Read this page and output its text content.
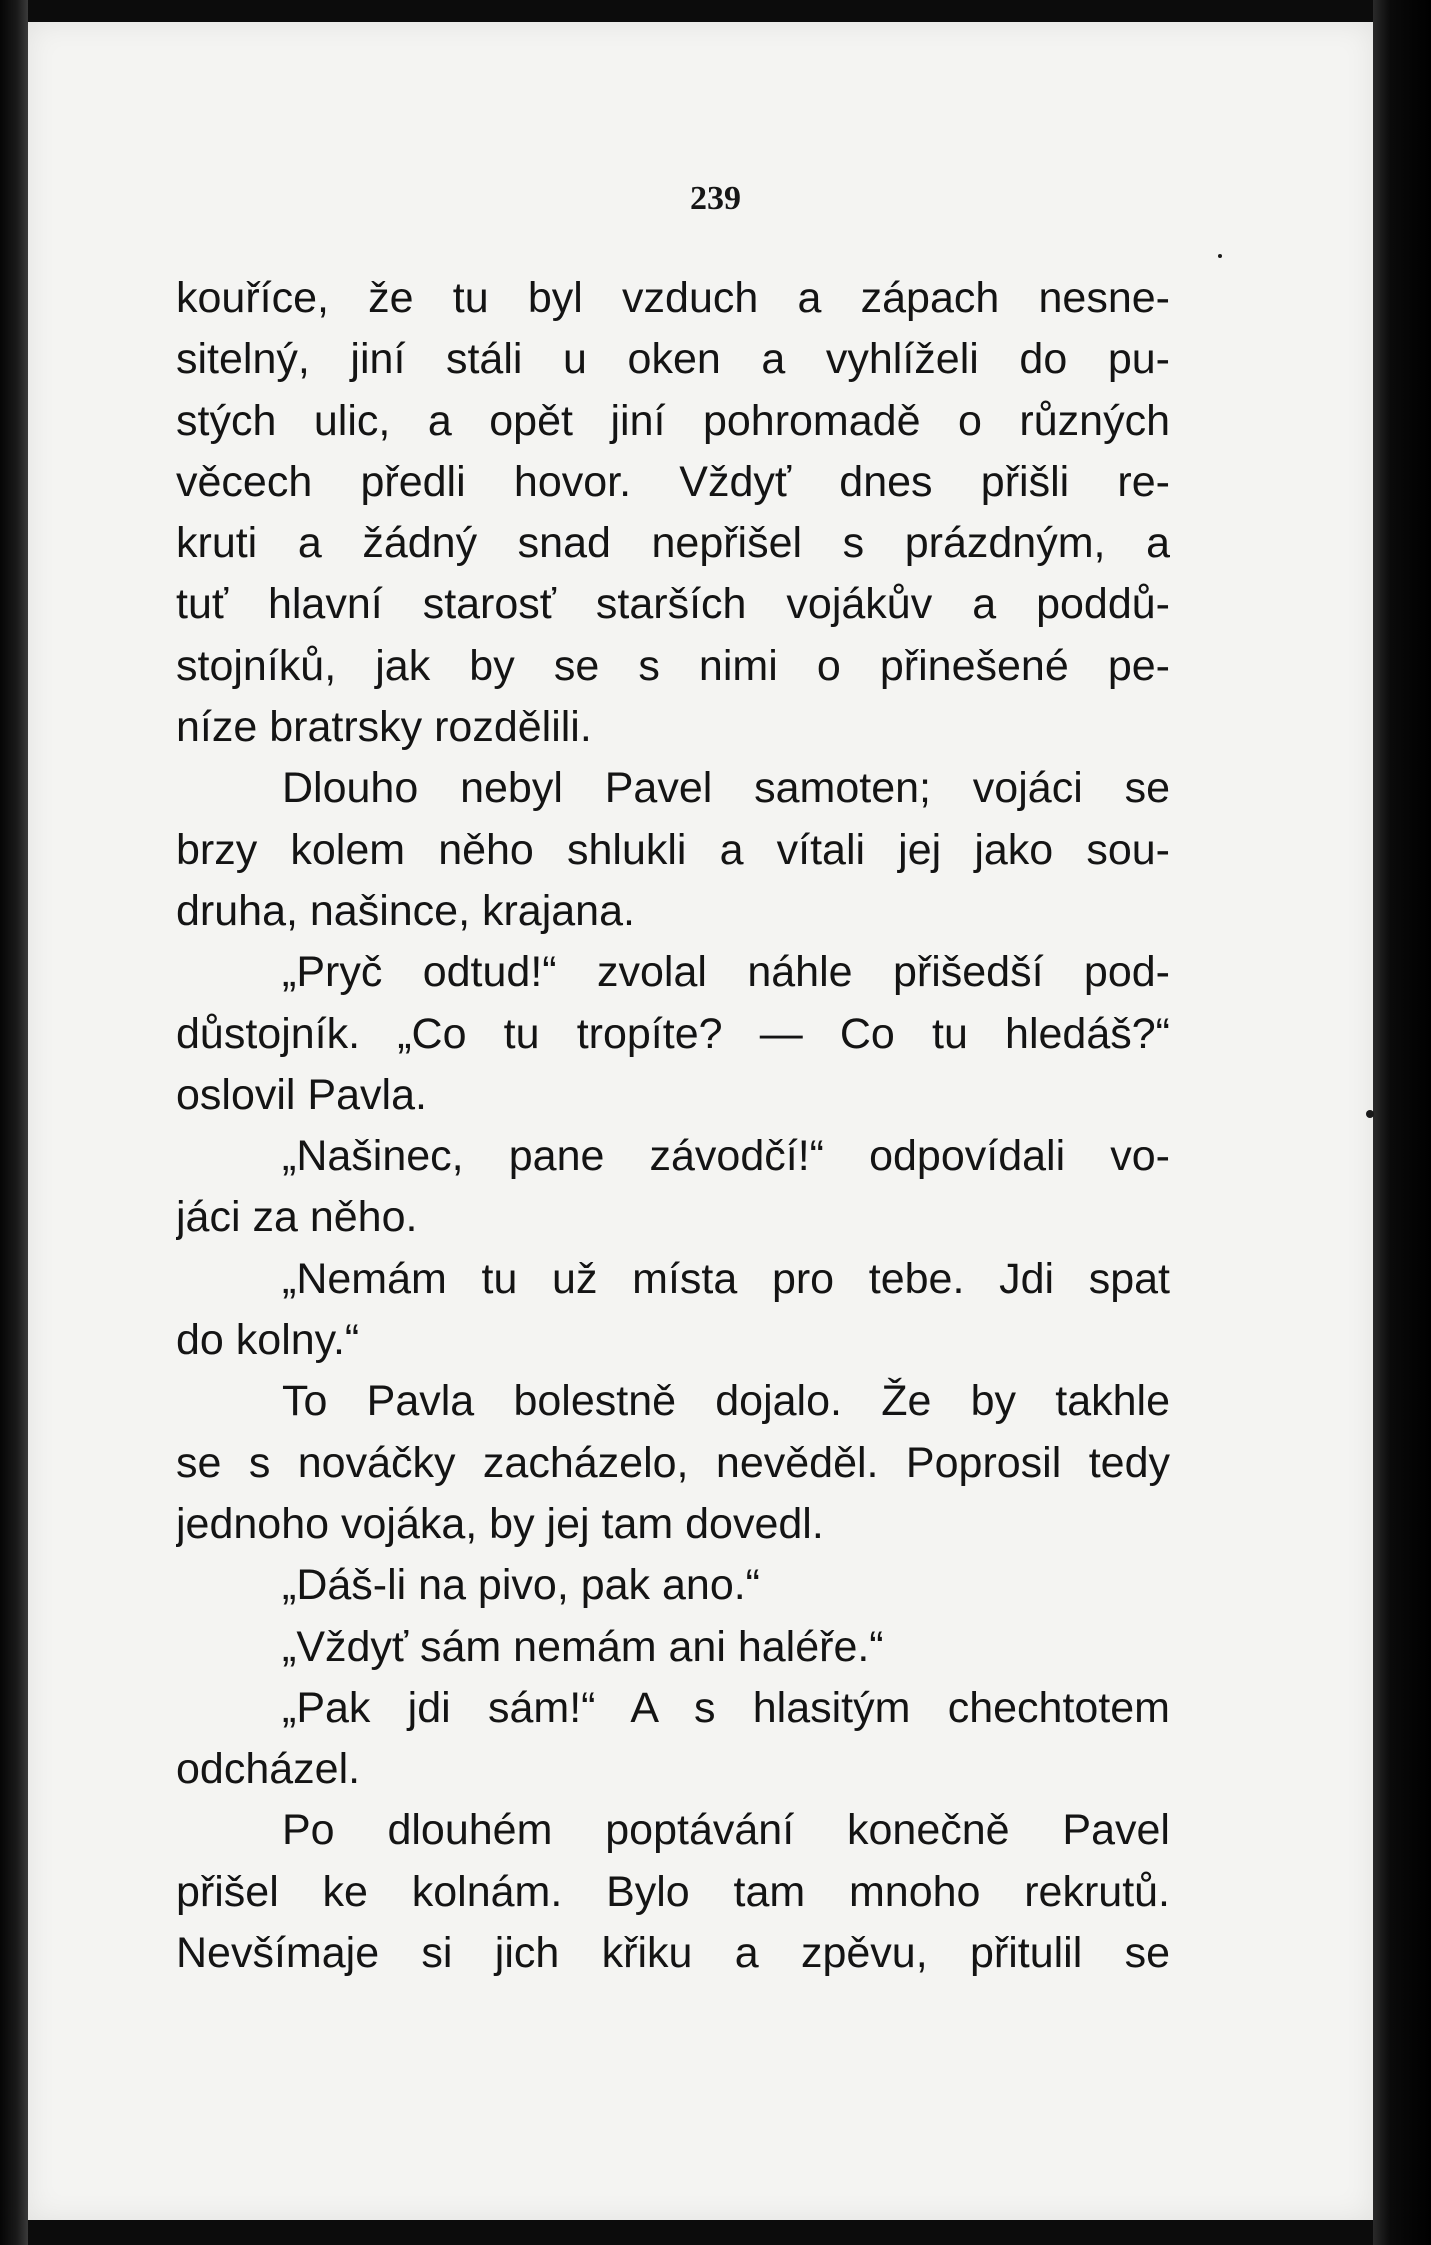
239
kouříce, že tu byl vzduch a zápach nesne-
sitelný, jiní stáli u oken a vyhlíželi do pu-
stých ulic, a opět jiní pohromadě o různých
věcech předli hovor. Vždyť dnes přišli re-
kruti a žádný snad nepřišel s prázdným, a
tuť hlavní starosť starších vojákův a poddů-
stojníků, jak by se s nimi o přinešené pe-
níze bratrsky rozdělili.
Dlouho nebyl Pavel samoten; vojáci se
brzy kolem něho shlukli a vítali jej jako sou-
druha, našince, krajana.
„Pryč odtud!“ zvolal náhle přišedší pod-
důstojník. „Co tu tropíte? — Co tu hledáš?“
oslovil Pavla.
„Našinec, pane závodčí!“ odpovídali vo-
jáci za něho.
„Nemám tu už místa pro tebe. Jdi spat
do kolny.“
To Pavla bolestně dojalo. Že by takhle
se s nováčky zacházelo, nevěděl. Poprosil tedy
jednoho vojáka, by jej tam dovedl.
„Dáš-li na pivo, pak ano.“
„Vždyť sám nemám ani haléře.“
„Pak jdi sám!“ A s hlasitým chechtotem
odcházel.
Po dlouhém poptávání konečně Pavel
přišel ke kolnám. Bylo tam mnoho rekrutů.
Nevšímaje si jich křiku a zpěvu, přitulil se
